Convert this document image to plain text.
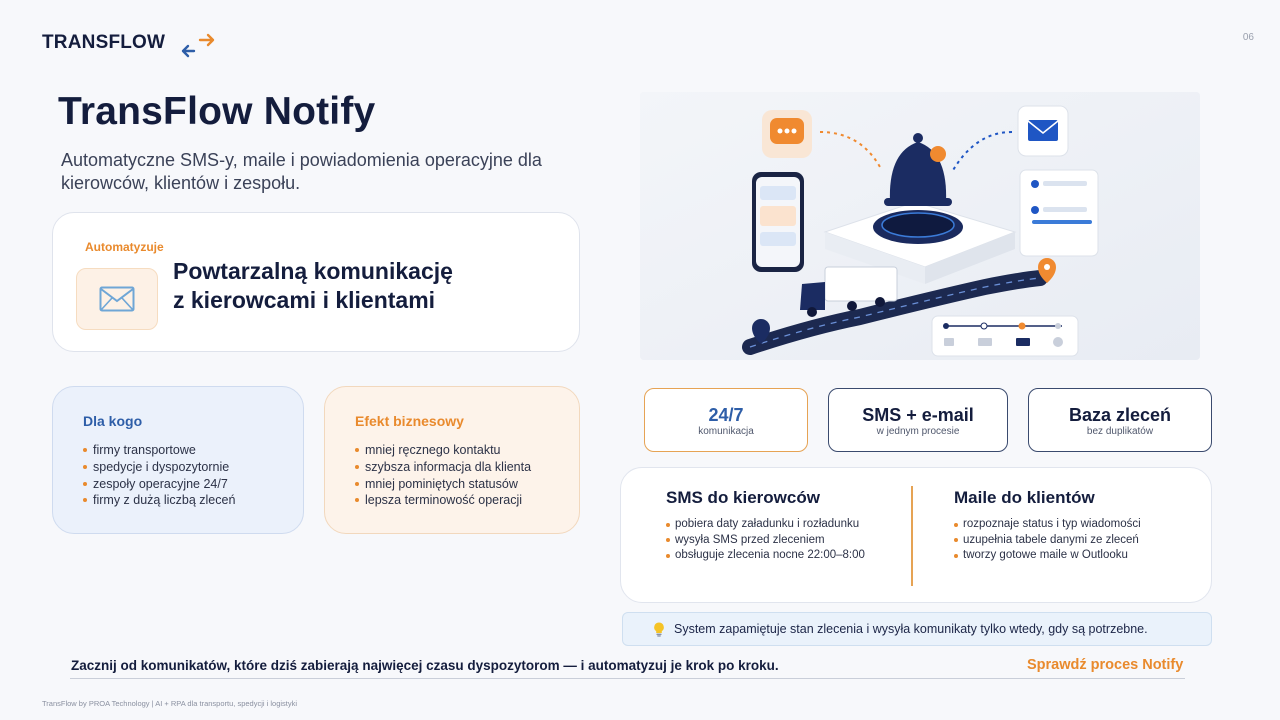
TRANSFLOW	06
TransFlow Notify

Automatyczne SMS-y, maile i powiadomienia operacyjne dla kierowców, klientów i zespołu.

Automatyzuje
Powtarzalną komunikację
z kierowcami i klientami
Dla kogo
firmy transportowe
spedycje i dyspozytornie
zespoły operacyjne 24/7
firmy z dużą liczbą zleceń
Efekt biznesowy
mniej ręcznego kontaktu
szybsza informacja dla klienta
mniej pominiętych statusów
lepsza terminowość operacji
24/7
komunikacja
SMS + e-mail
w jednym procesie
Baza zleceń
bez duplikatów
SMS do kierowców
pobiera daty załadunku i rozładunku
wysyła SMS przed zleceniem
obsługuje zlecenia nocne 22:00–8:00
Maile do klientów
rozpoznaje status i typ wiadomości
uzupełnia tabele danymi ze zleceń
tworzy gotowe maile w Outlooku
System zapamiętuje stan zlecenia i wysyła komunikaty tylko wtedy, gdy są potrzebne.
Zacznij od komunikatów, które dziś zabierają najwięcej czasu dyspozytorom — i automatyzuj je krok po kroku.	Sprawdź proces Notify
TransFlow by PROA Technology | AI + RPA dla transportu, spedycji i logistyki
